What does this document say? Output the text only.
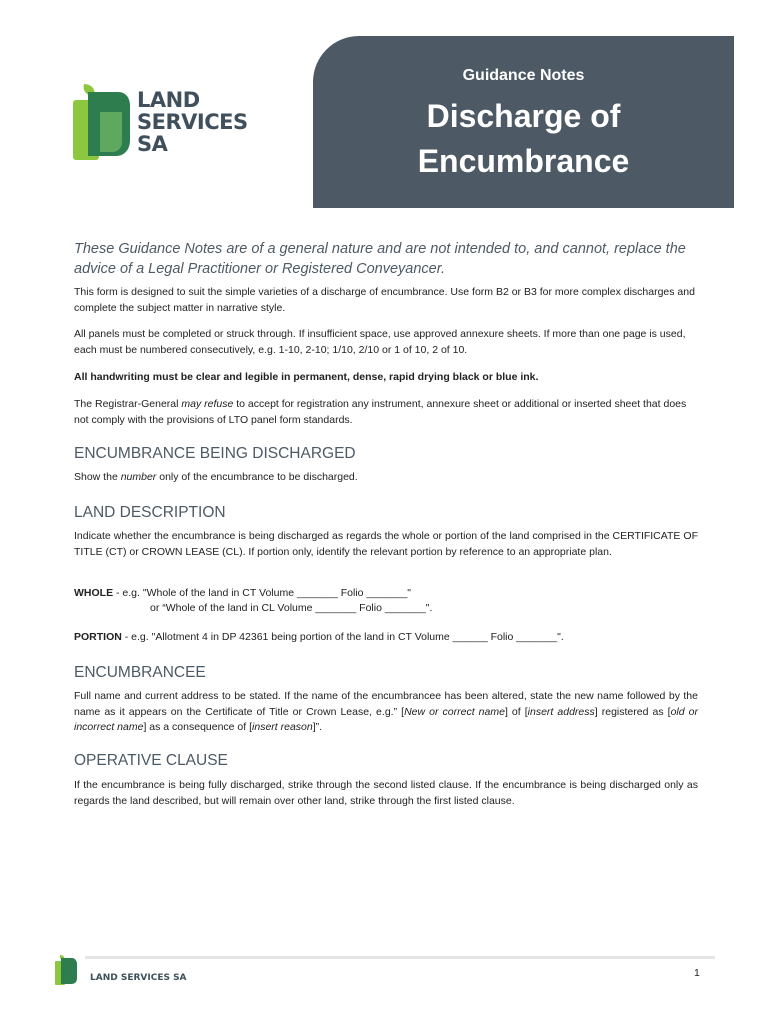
LAND
SERVICES
SA
Guidance Notes
Discharge of
Encumbrance
These Guidance Notes are of a general nature and are not intended to, and cannot, replace the advice of a Legal Practitioner or Registered Conveyancer.

This form is designed to suit the simple varieties of a discharge of encumbrance. Use form B2 or B3 for more complex discharges and complete the subject matter in narrative style.

All panels must be completed or struck through. If insufficient space, use approved annexure sheets. If more than one page is used, each must be numbered consecutively, e.g. 1-10, 2-10; 1/10, 2/10 or 1 of 10, 2 of 10.

All handwriting must be clear and legible in permanent, dense, rapid drying black or blue ink.

The Registrar-General may refuse to accept for registration any instrument, annexure sheet or additional or inserted sheet that does not comply with the provisions of LTO panel form standards.

ENCUMBRANCE BEING DISCHARGED

Show the number only of the encumbrance to be discharged.

LAND DESCRIPTION

Indicate whether the encumbrance is being discharged as regards the whole or portion of the land comprised in the CERTIFICATE OF TITLE (CT) or CROWN LEASE (CL). If portion only, identify the relevant portion by reference to an appropriate plan.

WHOLE - e.g. "Whole of the land in CT Volume _______ Folio _______"

or “Whole of the land in CL Volume _______ Folio _______".

PORTION - e.g. "Allotment 4 in DP 42361 being portion of the land in CT Volume ______ Folio _______".

ENCUMBRANCEE

Full name and current address to be stated. If the name of the encumbrancee has been altered, state the new name followed by the name as it appears on the Certificate of Title or Crown Lease, e.g.” [New or correct name] of [insert address] registered as [old or incorrect name] as a consequence of [insert reason]”.

OPERATIVE CLAUSE

If the encumbrance is being fully discharged, strike through the second listed clause. If the encumbrance is being discharged only as regards the land described, but will remain over other land, strike through the first listed clause.

LAND SERVICES SA	1
